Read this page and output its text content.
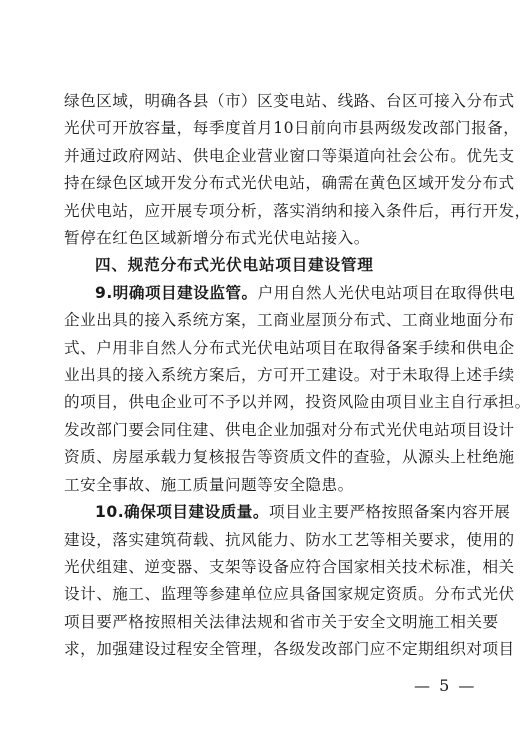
绿色区域，明确各县（市）区变电站、线路、台区可接入分布式
光伏可开放容量，每季度首月10日前向市县两级发改部门报备，
并通过政府网站、供电企业营业窗口等渠道向社会公布。优先支
持在绿色区域开发分布式光伏电站，确需在黄色区域开发分布式
光伏电站，应开展专项分析，落实消纳和接入条件后，再行开发，
暂停在红色区域新增分布式光伏电站接入。

四、规范分布式光伏电站项目建设管理

9.明确项目建设监管。户用自然人光伏电站项目在取得供电
企业出具的接入系统方案，工商业屋顶分布式、工商业地面分布
式、户用非自然人分布式光伏电站项目在取得备案手续和供电企
业出具的接入系统方案后，方可开工建设。对于未取得上述手续
的项目，供电企业可不予以并网，投资风险由项目业主自行承担。
发改部门要会同住建、供电企业加强对分布式光伏电站项目设计
资质、房屋承载力复核报告等资质文件的查验，从源头上杜绝施
工安全事故、施工质量问题等安全隐患。

10.确保项目建设质量。项目业主要严格按照备案内容开展
建设，落实建筑荷载、抗风能力、防水工艺等相关要求，使用的
光伏组建、逆变器、支架等设备应符合国家相关技术标准，相关
设计、施工、监理等参建单位应具备国家规定资质。分布式光伏
项目要严格按照相关法律法规和省市关于安全文明施工相关要
求，加强建设过程安全管理，各级发改部门应不定期组织对项目

— 5 —
